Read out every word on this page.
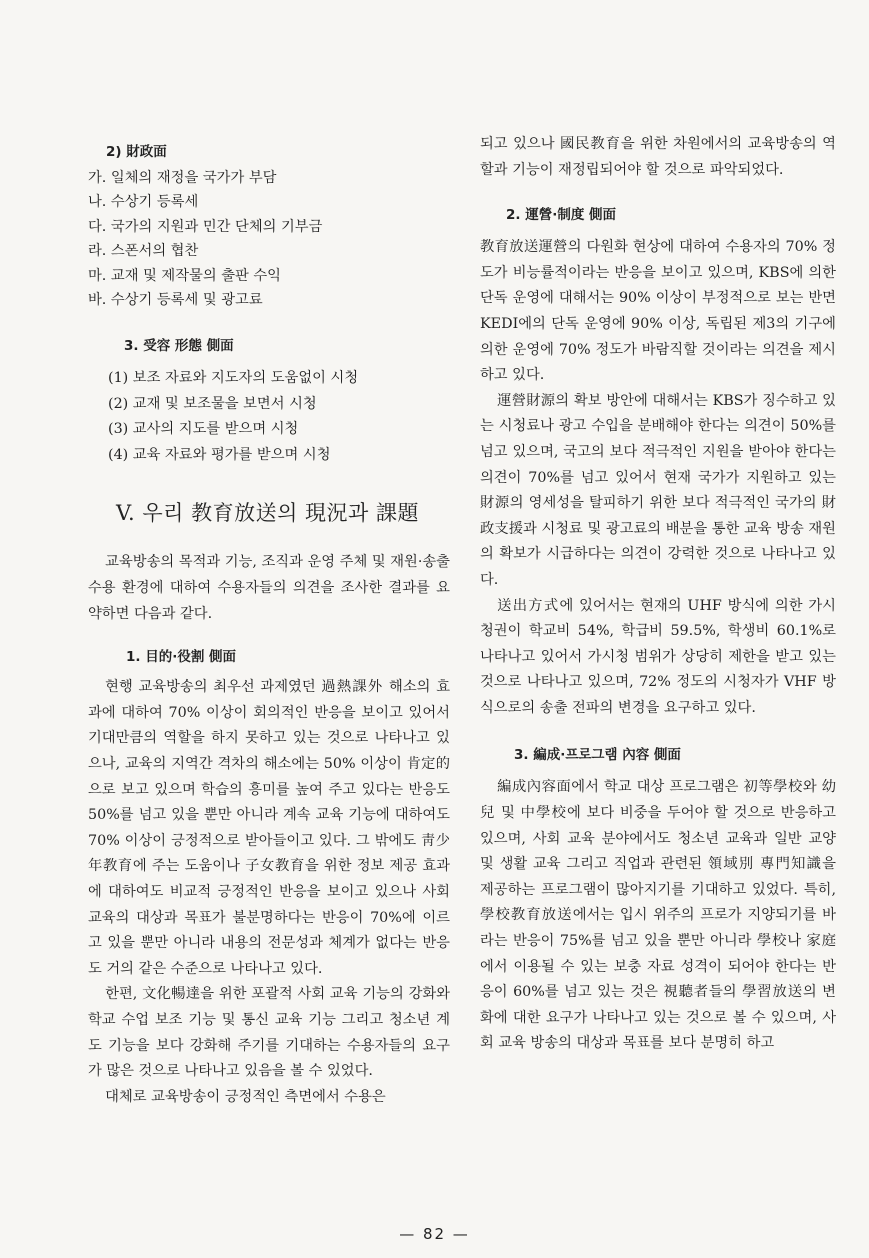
2) 財政面

가. 일체의 재정을 국가가 부담

나. 수상기 등록세

다. 국가의 지원과 민간 단체의 기부금

라. 스폰서의 협찬

마. 교재 및 제작물의 출판 수익

바. 수상기 등록세 및 광고료

3. 受容 形態 側面

(1) 보조 자료와 지도자의 도움없이 시청

(2) 교재 및 보조물을 보면서 시청

(3) 교사의 지도를 받으며 시청

(4) 교육 자료와 평가를 받으며 시청

V. 우리 教育放送의 現況과 課題

교육방송의 목적과 기능, 조직과 운영 주체 및 재원·송출 수용 환경에 대하여 수용자들의 의견을 조사한 결과를 요약하면 다음과 같다.

1. 目的·役割 側面

현행 교육방송의 최우선 과제였던 過熱課外 해소의 효과에 대하여 70% 이상이 회의적인 반응을 보이고 있어서 기대만큼의 역할을 하지 못하고 있는 것으로 나타나고 있으나, 교육의 지역간 격차의 해소에는 50% 이상이 肯定的으로 보고 있으며 학습의 흥미를 높여 주고 있다는 반응도 50%를 넘고 있을 뿐만 아니라 계속 교육 기능에 대하여도 70% 이상이 긍정적으로 받아들이고 있다. 그 밖에도 靑少年教育에 주는 도움이나 子女教育을 위한 정보 제공 효과에 대하여도 비교적 긍정적인 반응을 보이고 있으나 사회 교육의 대상과 목표가 불분명하다는 반응이 70%에 이르고 있을 뿐만 아니라 내용의 전문성과 체계가 없다는 반응도 거의 같은 수준으로 나타나고 있다.

한편, 文化暢達을 위한 포괄적 사회 교육 기능의 강화와 학교 수업 보조 기능 및 통신 교육 기능 그리고 청소년 계도 기능을 보다 강화해 주기를 기대하는 수용자들의 요구가 많은 것으로 나타나고 있음을 볼 수 있었다.

대체로 교육방송이 긍정적인 측면에서 수용은

되고 있으나 國民教育을 위한 차원에서의 교육방송의 역할과 기능이 재정립되어야 할 것으로 파악되었다.

2. 運營·制度 側面

教育放送運營의 다원화 현상에 대하여 수용자의 70% 정도가 비능률적이라는 반응을 보이고 있으며, KBS에 의한 단독 운영에 대해서는 90% 이상이 부정적으로 보는 반면 KEDI에의 단독 운영에 90% 이상, 독립된 제3의 기구에 의한 운영에 70% 정도가 바람직할 것이라는 의견을 제시하고 있다.

運營財源의 확보 방안에 대해서는 KBS가 징수하고 있는 시청료나 광고 수입을 분배해야 한다는 의견이 50%를 넘고 있으며, 국고의 보다 적극적인 지원을 받아야 한다는 의견이 70%를 넘고 있어서 현재 국가가 지원하고 있는 財源의 영세성을 탈피하기 위한 보다 적극적인 국가의 財政支援과 시청료 및 광고료의 배분을 통한 교육 방송 재원의 확보가 시급하다는 의견이 강력한 것으로 나타나고 있다.

送出方式에 있어서는 현재의 UHF 방식에 의한 가시청권이 학교비 54%, 학급비 59.5%, 학생비 60.1%로 나타나고 있어서 가시청 범위가 상당히 제한을 받고 있는 것으로 나타나고 있으며, 72% 정도의 시청자가 VHF 방식으로의 송출 전파의 변경을 요구하고 있다.

3. 編成·프로그램 內容 側面

編成內容面에서 학교 대상 프로그램은 初等學校와 幼兒 및 中學校에 보다 비중을 두어야 할 것으로 반응하고 있으며, 사회 교육 분야에서도 청소년 교육과 일반 교양 및 생활 교육 그리고 직업과 관련된 領域別 專門知識을 제공하는 프로그램이 많아지기를 기대하고 있었다. 특히, 學校教育放送에서는 입시 위주의 프로가 지양되기를 바라는 반응이 75%를 넘고 있을 뿐만 아니라 學校나 家庭에서 이용될 수 있는 보충 자료 성격이 되어야 한다는 반응이 60%를 넘고 있는 것은 視聽者들의 學習放送의 변화에 대한 요구가 나타나고 있는 것으로 볼 수 있으며, 사회 교육 방송의 대상과 목표를 보다 분명히 하고

— 82 —
